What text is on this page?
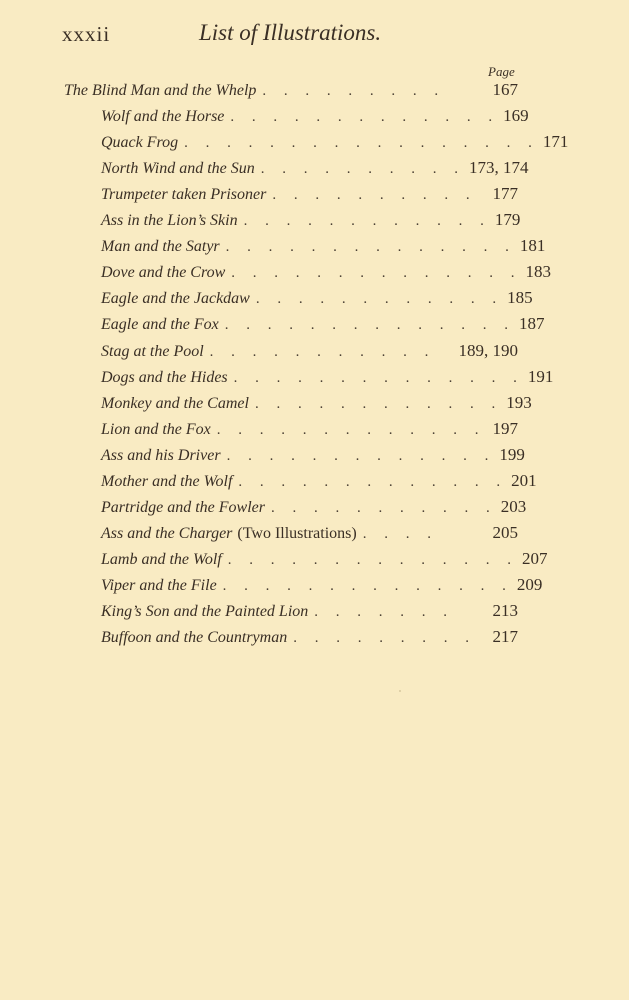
xxxii	List of Illustrations.
Page
The Blind Man and the Whelp . . . . . . . . .	167
Wolf and the Horse . . . . . . . . . . . . . 169
Quack Frog . . . . . . . . . . . . . . . . . 171
North Wind and the Sun . . . . . . . . . . 173, 174
Trumpeter taken Prisoner . . . . . . . . . . 177
Ass in the Lion’s Skin . . . . . . . . . . . . 179
Man and the Satyr . . . . . . . . . . . . . . 181
Dove and the Crow . . . . . . . . . . . . . . 183
Eagle and the Jackdaw . . . . . . . . . . . . 185
Eagle and the Fox . . . . . . . . . . . . . . 187
Stag at the Pool . . . . . . . . . . .	189, 190
Dogs and the Hides . . . . . . . . . . . . . . 191
Monkey and the Camel . . . . . . . . . . . . 193
Lion and the Fox . . . . . . . . . . . . . 197
Ass and his Driver . . . . . . . . . . . . . 199
Mother and the Wolf . . . . . . . . . . . . . 201
Partridge and the Fowler . . . . . . . . . . . 203
Ass and the Charger (Two Illustrations) . . . .	205
Lamb and the Wolf . . . . . . . . . . . . . . 207
Viper and the File . . . . . . . . . . . . . . 209
King’s Son and the Painted Lion . . . . . . .	213
Buffoon and the Countryman . . . . . . . . . 217
